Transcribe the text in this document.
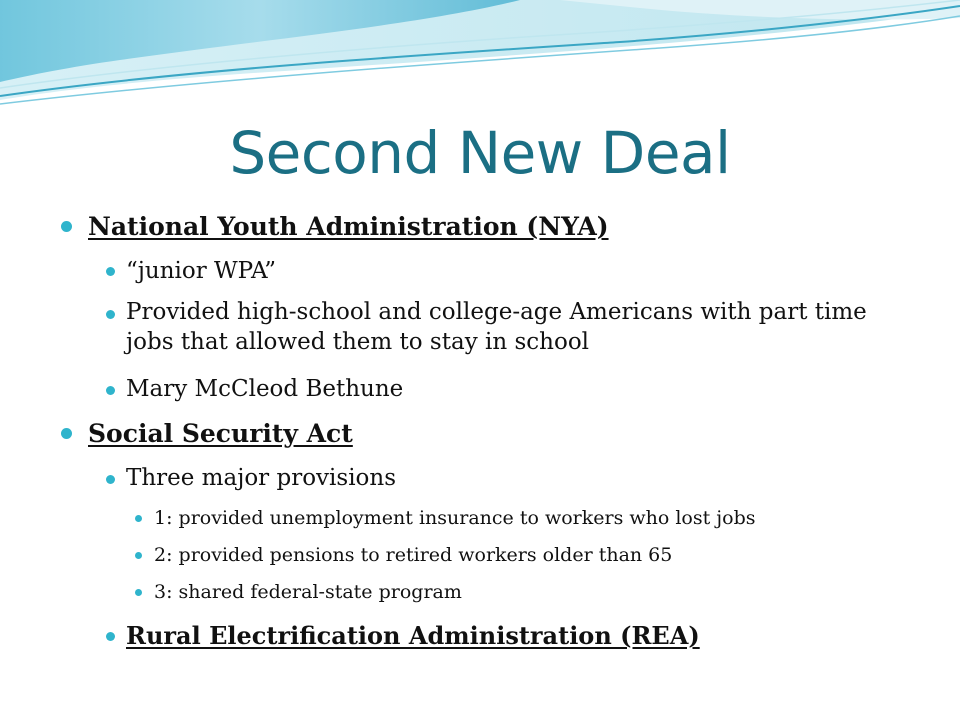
Second New Deal
National Youth Administration (NYA)
“junior WPA”
Provided high-school and college-age Americans with part time jobs that allowed them to stay in school
Mary McCleod Bethune
Social Security Act
Three major provisions
1: provided unemployment insurance to workers who lost jobs
2: provided pensions to retired workers older than 65
3: shared federal-state program
Rural Electrification Administration (REA)
